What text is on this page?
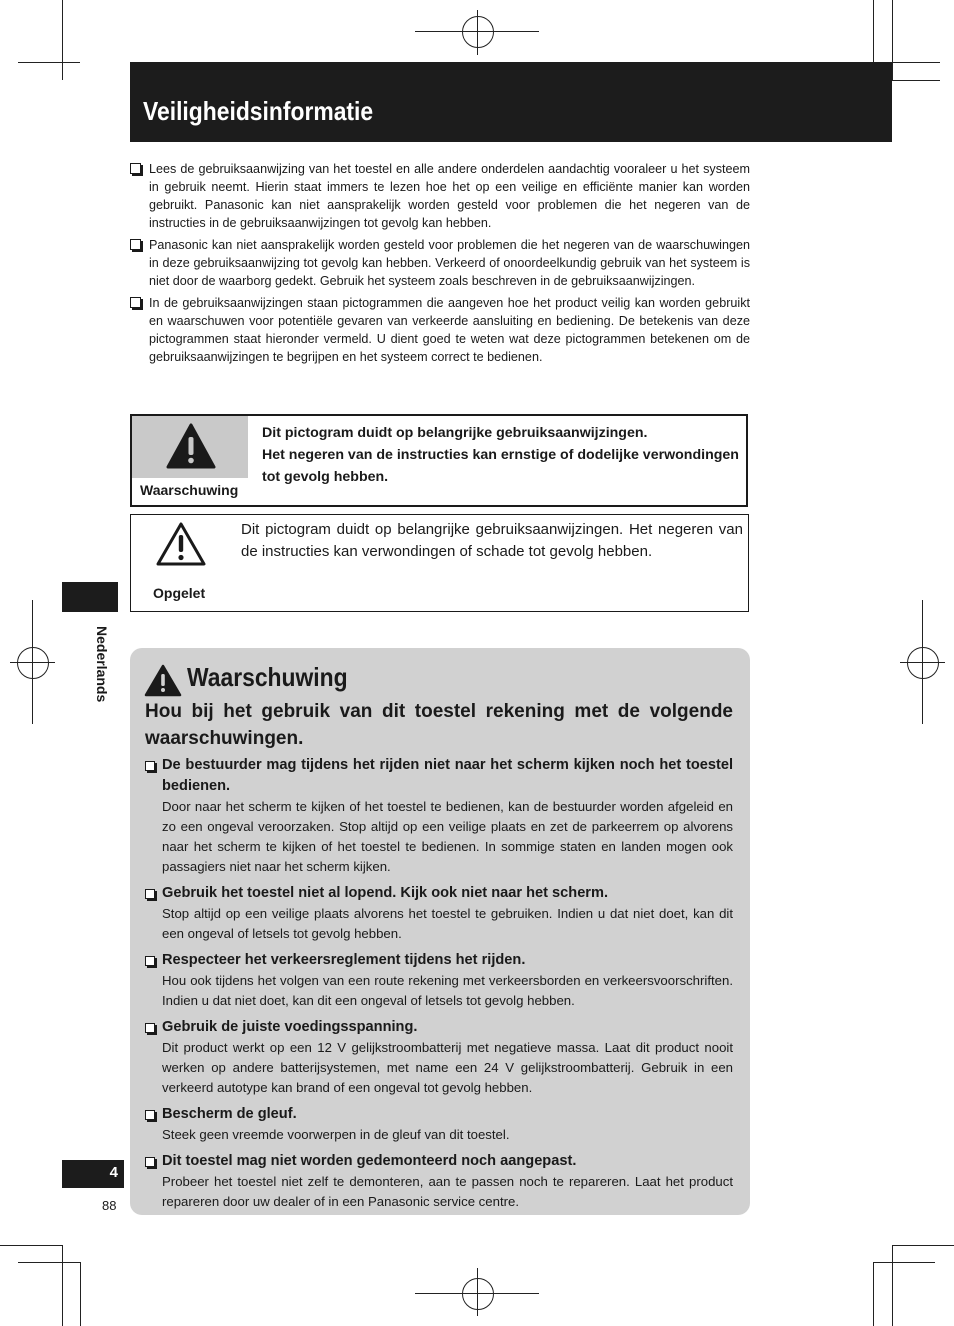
Veiligheidsinformatie
Lees de gebruiksaanwijzing van het toestel en alle andere onderdelen aandachtig vooraleer u het systeem in gebruik neemt. Hierin staat immers te lezen hoe het op een veilige en efficiënte manier kan worden gebruikt. Panasonic kan niet aansprakelijk worden gesteld voor problemen die het negeren van de instructies in de gebruiksaanwijzingen tot gevolg kan hebben.
Panasonic kan niet aansprakelijk worden gesteld voor problemen die het negeren van de waarschuwingen in deze gebruiksaanwijzing tot gevolg kan hebben. Verkeerd of onoordeelkundig gebruik van het systeem is niet door de waarborg gedekt. Gebruik het systeem zoals beschreven in de gebruiksaanwijzingen.
In de gebruiksaanwijzingen staan pictogrammen die aangeven hoe het product veilig kan worden gebruikt en waarschuwen voor potentiële gevaren van verkeerde aansluiting en bediening. De betekenis van deze pictogrammen staat hieronder vermeld. U dient goed te weten wat deze pictogrammen betekenen om de gebruiksaanwijzingen te begrijpen en het systeem correct te bedienen.
Waarschuwing
Dit pictogram duidt op belangrijke gebruiksaanwijzingen.
Het negeren van de instructies kan ernstige of dodelijke verwondingen tot gevolg hebben.
Opgelet
Dit pictogram duidt op belangrijke gebruiksaanwijzingen. Het negeren van de instructies kan verwondingen of schade tot gevolg hebben.
Nederlands	Waarschuwing
Hou bij het gebruik van dit toestel rekening met de volgende waarschuwingen.
De bestuurder mag tijdens het rijden niet naar het scherm kijken noch het toestel bedienen.
Door naar het scherm te kijken of het toestel te bedienen, kan de bestuurder worden afgeleid en zo een ongeval veroorzaken. Stop altijd op een veilige plaats en zet de parkeerrem op alvorens naar het scherm te kijken of het toestel te bedienen. In sommige staten en landen mogen ook passagiers niet naar het scherm kijken.
Gebruik het toestel niet al lopend. Kijk ook niet naar het scherm.
Stop altijd op een veilige plaats alvorens het toestel te gebruiken. Indien u dat niet doet, kan dit een ongeval of letsels tot gevolg hebben.
Respecteer het verkeersreglement tijdens het rijden.
Hou ook tijdens het volgen van een route rekening met verkeersborden en verkeersvoorschriften. Indien u dat niet doet, kan dit een ongeval of letsels tot gevolg hebben.
Gebruik de juiste voedingsspanning.
Dit product werkt op een 12 V gelijkstroombatterij met negatieve massa. Laat dit product nooit werken op andere batterijsystemen, met name een 24 V gelijkstroombatterij. Gebruik in een verkeerd autotype kan brand of een ongeval tot gevolg hebben.
Bescherm de gleuf.
Steek geen vreemde voorwerpen in de gleuf van dit toestel.
Dit toestel mag niet worden gedemonteerd noch aangepast.
Probeer het toestel niet zelf te demonteren, aan te passen noch te repareren. Laat het product repareren door uw dealer of in een Panasonic service centre.
4
88
